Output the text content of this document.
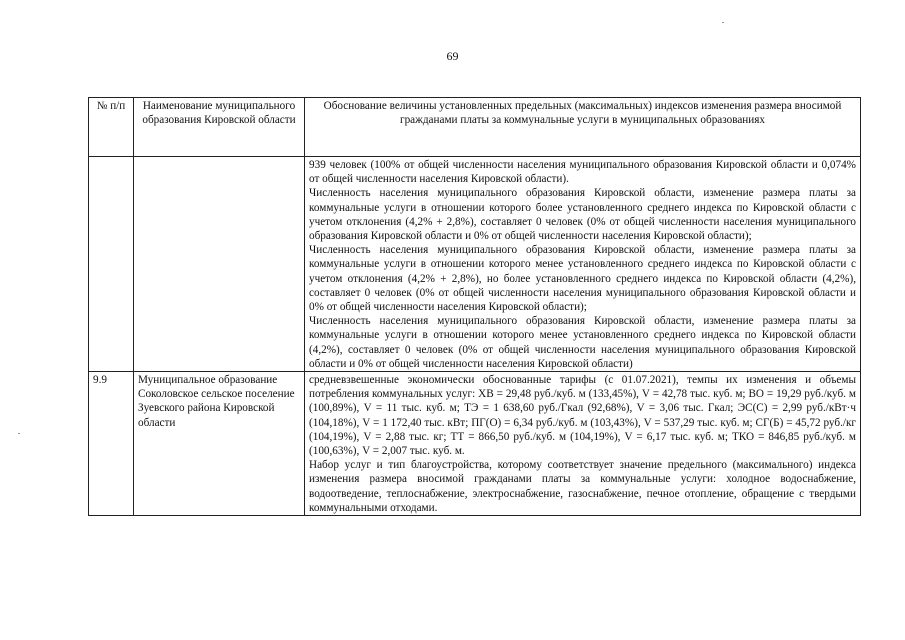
69
№ п/п	Наименование муниципального образования Кировской области	Обоснование величины установленных предельных (максимальных) индексов изменения размера вносимой гражданами платы за коммунальные услуги в муниципальных образованиях

		939 человек (100% от общей численности населения муниципального образования Кировской области и 0,074% от общей численности населения Кировской области).

Численность населения муниципального образования Кировской области, изменение размера платы за коммунальные услуги в отношении которого более установленного среднего индекса по Кировской области с учетом отклонения (4,2% + 2,8%), составляет 0 человек (0% от общей численности населения муниципального образования Кировской области и 0% от общей численности населения Кировской области);

Численность населения муниципального образования Кировской области, изменение размера платы за коммунальные услуги в отношении которого менее установленного среднего индекса по Кировской области с учетом отклонения (4,2% + 2,8%), но более установленного среднего индекса по Кировской области (4,2%), составляет 0 человек (0% от общей численности населения муниципального образования Кировской области и 0% от общей численности населения Кировской области);

Численность населения муниципального образования Кировской области, изменение размера платы за коммунальные услуги в отношении которого менее установленного среднего индекса по Кировской области (4,2%), составляет 0 человек (0% от общей численности населения муниципального образования Кировской области и 0% от общей численности населения Кировской области)

9.9	Муниципальное образование Соколовское сельское поселение Зуевского района Кировской области	средневзвешенные экономически обоснованные тарифы (с 01.07.2021), темпы их изменения и объемы потребления коммунальных услуг: ХВ = 29,48 руб./куб. м (133,45%), V = 42,78 тыс. куб. м; ВО = 19,29 руб./куб. м (100,89%), V = 11 тыс. куб. м; ТЭ = 1 638,60 руб./Гкал (92,68%), V = 3,06 тыс. Гкал; ЭС(С) = 2,99 руб./кВт·ч (104,18%), V = 1 172,40 тыс. кВт; ПГ(О) = 6,34 руб./куб. м (103,43%), V = 537,29 тыс. куб. м; СГ(Б) = 45,72 руб./кг (104,19%), V = 2,88 тыс. кг; ТТ = 866,50 руб./куб. м (104,19%), V = 6,17 тыс. куб. м; ТКО = 846,85 руб./куб. м (100,63%), V = 2,007 тыс. куб. м.

Набор услуг и тип благоустройства, которому соответствует значение предельного (максимального) индекса изменения размера вносимой гражданами платы за коммунальные услуги: холодное водоснабжение, водоотведение, теплоснабжение, электроснабжение, газоснабжение, печное отопление, обращение с твердыми коммунальными отходами.
